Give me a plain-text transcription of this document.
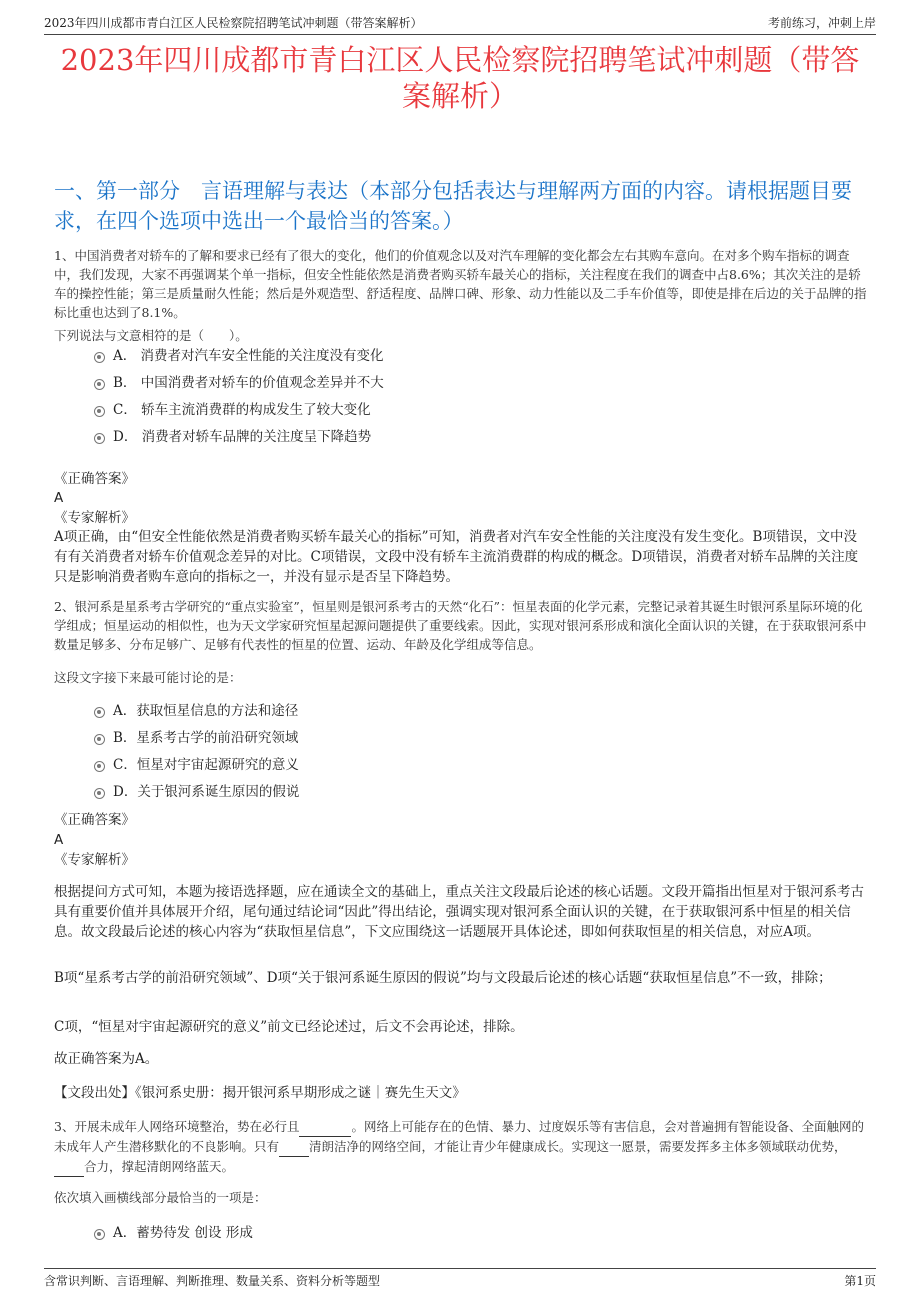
2023年四川成都市青白江区人民检察院招聘笔试冲刺题（带答案解析）	考前练习，冲刺上岸
2023年四川成都市青白江区人民检察院招聘笔试冲刺题（带答案解析）
一、第一部分　言语理解与表达（本部分包括表达与理解两方面的内容。请根据题目要求，在四个选项中选出一个最恰当的答案。）
1、中国消费者对轿车的了解和要求已经有了很大的变化，他们的价值观念以及对汽车理解的变化都会左右其购车意向。在对多个购车指标的调查中，我们发现，大家不再强调某个单一指标，但安全性能依然是消费者购买轿车最关心的指标，关注程度在我们的调查中占8.6%；其次关注的是轿车的操控性能；第三是质量耐久性能；然后是外观造型、舒适程度、品牌口碑、形象、动力性能以及二手车价值等，即使是排在后边的关于品牌的指标比重也达到了8.1%。
下列说法与文意相符的是（　　）。
A． 消费者对汽车安全性能的关注度没有变化
B． 中国消费者对轿车的价值观念差异并不大
C． 轿车主流消费群的构成发生了较大变化
D． 消费者对轿车品牌的关注度呈下降趋势
《正确答案》
A
《专家解析》
A项正确，由“但安全性能依然是消费者购买轿车最关心的指标”可知，消费者对汽车安全性能的关注度没有发生变化。B项错误，文中没有有关消费者对轿车价值观念差异的对比。C项错误，文段中没有轿车主流消费群的构成的概念。D项错误，消费者对轿车品牌的关注度只是影响消费者购车意向的指标之一，并没有显示是否呈下降趋势。
2、银河系是星系考古学研究的“重点实验室”，恒星则是银河系考古的天然“化石”：恒星表面的化学元素，完整记录着其诞生时银河系星际环境的化学组成；恒星运动的相似性，也为天文学家研究恒星起源问题提供了重要线索。因此，实现对银河系形成和演化全面认识的关键，在于获取银河系中数量足够多、分布足够广、足够有代表性的恒星的位置、运动、年龄及化学组成等信息。
这段文字接下来最可能讨论的是：
A．获取恒星信息的方法和途径
B．星系考古学的前沿研究领域
C．恒星对宇宙起源研究的意义
D．关于银河系诞生原因的假说
《正确答案》
A
《专家解析》
根据提问方式可知，本题为接语选择题，应在通读全文的基础上，重点关注文段最后论述的核心话题。文段开篇指出恒星对于银河系考古具有重要价值并具体展开介绍，尾句通过结论词“因此”得出结论，强调实现对银河系全面认识的关键，在于获取银河系中恒星的相关信息。故文段最后论述的核心内容为“获取恒星信息”，下文应围绕这一话题展开具体论述，即如何获取恒星的相关信息，对应A项。
B项“星系考古学的前沿研究领域”、D项“关于银河系诞生原因的假说”均与文段最后论述的核心话题“获取恒星信息”不一致，排除；
C项，“恒星对宇宙起源研究的意义”前文已经论述过，后文不会再论述，排除。
故正确答案为A。
【文段出处】《银河系史册：揭开银河系早期形成之谜｜赛先生天文》
3、开展未成年人网络环境整治，势在必行且	。网络上可能存在的色情、暴力、过度娱乐等有害信息，会对普遍拥有智能设备、全面触网的未成年人产生潜移默化的不良影响。只有 清朗洁净的网络空间，才能让青少年健康成长。实现这一愿景，需要发挥多主体多领域联动优势，合力，撑起清朗网络蓝天。
依次填入画横线部分最恰当的一项是：
A．蓄势待发 创设 形成
含常识判断、言语理解、判断推理、数量关系、资料分析等题型	第1页
